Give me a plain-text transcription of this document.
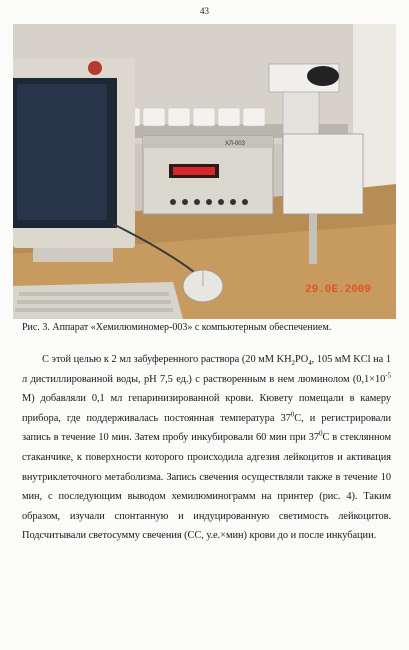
43
ХЛ-003
29.0Е.2009
Рис. 3. Аппарат «Хемилюминомер-003» с компьютерным обеспечением.

С этой целью к 2 мл забуференного раствора (20 мМ $KH_2PO_4$, 105 мМ KCl на 1 л дистиллированной воды, pH 7,5 ед.) с растворенным в нем люминолом ($0,1\times 10^{-5}$ М) добавляли 0,1 мл гепаринизированной крови. Кювету помещали в камеру прибора, где поддерживалась постоянная температура $37^0C$, и регистрировали запись в течение 10 мин. Затем пробу инкубировали 60 мин при $37^0C$ в стеклянном стаканчике, к поверхности которого происходила адгезия лейкоцитов и активация внутриклеточного метаболизма. Запись свечения осуществляли также в течение 10 мин, с последующим выводом хемилюминограмм на принтер (рис. 4). Таким образом, изучали спонтанную и индуцированную светимость лейкоцитов. Подсчитывали светосумму свечения (СС, у.е.×мин) крови до и после инкубации.
